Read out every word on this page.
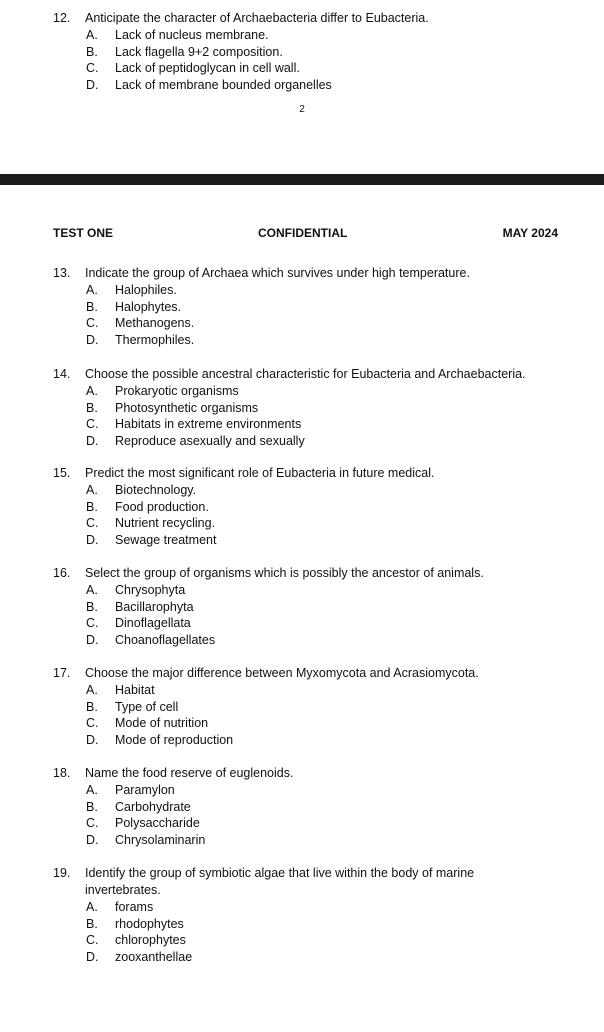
12. Anticipate the character of Archaebacteria differ to Eubacteria.
A. Lack of nucleus membrane.
B. Lack flagella 9+2 composition.
C. Lack of peptidoglycan in cell wall.
D. Lack of membrane bounded organelles
2
TEST ONE	CONFIDENTIAL	MAY 2024
13. Indicate the group of Archaea which survives under high temperature.
A. Halophiles.
B. Halophytes.
C. Methanogens.
D. Thermophiles.
14. Choose the possible ancestral characteristic for Eubacteria and Archaebacteria.
A. Prokaryotic organisms
B. Photosynthetic organisms
C. Habitats in extreme environments
D. Reproduce asexually and sexually
15. Predict the most significant role of Eubacteria in future medical.
A. Biotechnology.
B. Food production.
C. Nutrient recycling.
D. Sewage treatment
16. Select the group of organisms which is possibly the ancestor of animals.
A. Chrysophyta
B. Bacillarophyta
C. Dinoflagellata
D. Choanoflagellates
17. Choose the major difference between Myxomycota and Acrasiomycota.
A. Habitat
B. Type of cell
C. Mode of nutrition
D. Mode of reproduction
18. Name the food reserve of euglenoids.
A. Paramylon
B. Carbohydrate
C. Polysaccharide
D. Chrysolaminarin
19. Identify the group of symbiotic algae that live within the body of marine invertebrates.
A. forams
B. rhodophytes
C. chlorophytes
D. zooxanthellae
